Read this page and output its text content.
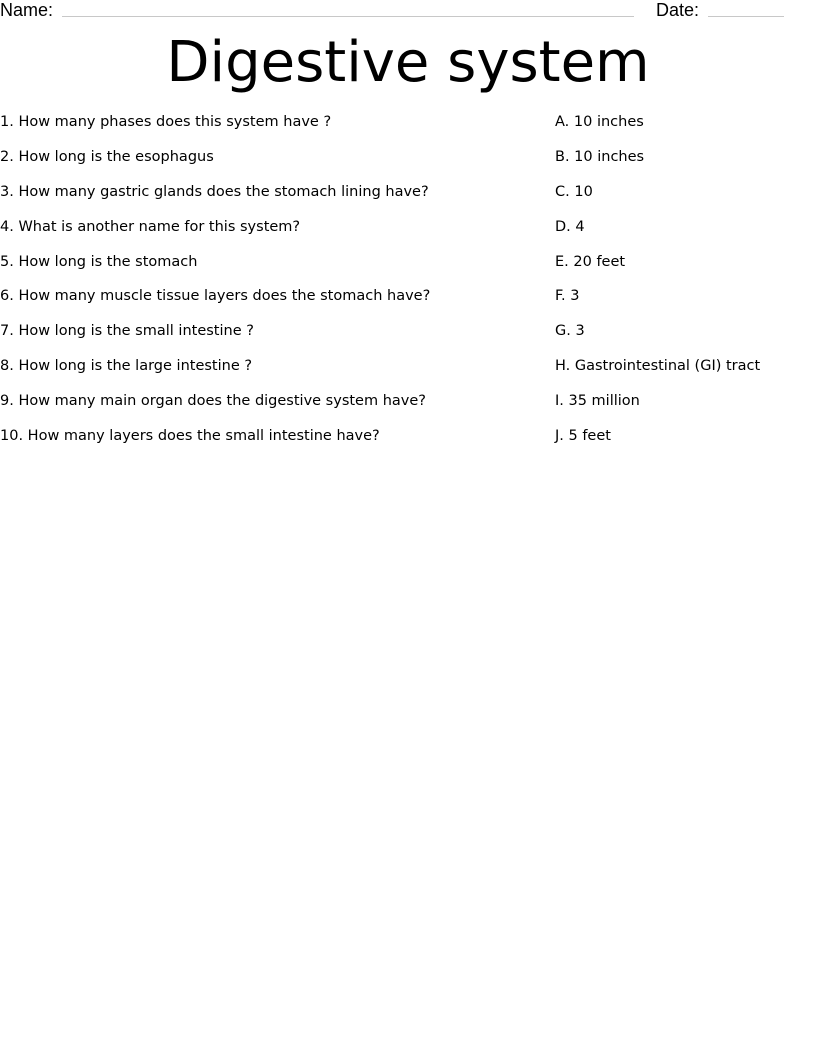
Name:	Date:
Digestive system
1. How many phases does this system have ?	A. 10 inches
2. How long is the esophagus	B. 10 inches
3. How many gastric glands does the stomach lining have?	C. 10
4. What is another name for this system?	D. 4
5. How long is the stomach	E. 20 feet
6. How many muscle tissue layers does the stomach have?	F. 3
7. How long is the small intestine ?	G. 3
8. How long is the large intestine ?	H. Gastrointestinal (GI) tract
9. How many main organ does the digestive system have?	I. 35 million
10. How many layers does the small intestine have?	J. 5 feet
